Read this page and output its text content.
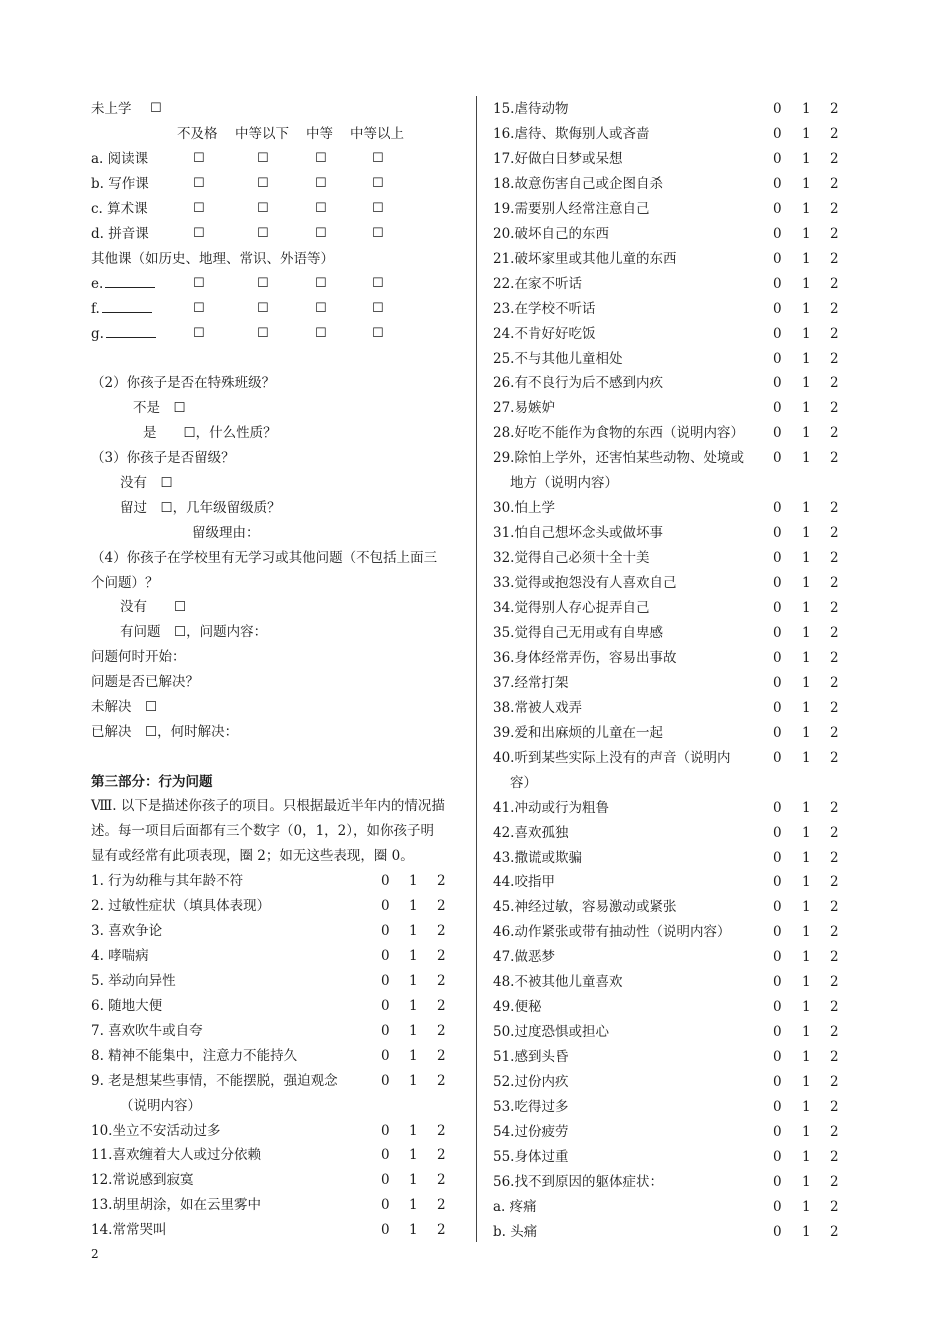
未上学 ☐
不及格 中等以下 中等 中等以上
a. 阅读课	☐	☐	☐	☐
b. 写作课	☐	☐	☐	☐
c. 算术课	☐	☐	☐	☐
d. 拼音课	☐	☐	☐	☐
其他课（如历史、地理、常识、外语等）
e.	☐	☐	☐	☐
f.	☐	☐	☐	☐
g.	☐	☐	☐	☐
（2）你孩子是否在特殊班级？
不是　☐
是　　☐，什么性质？
（3）你孩子是否留级？
没有　☐
留过　☐，几年级留级质？
留级理由：
（4）你孩子在学校里有无学习或其他问题（不包括上面三
个问题）？
没有　　☐
有问题　☐，问题内容：
问题何时开始：
问题是否已解决？
未解决　☐
已解决　☐，何时解决：
第三部分：行为问题
Ⅷ. 以下是描述你孩子的项目。只根据最近半年内的情况描
述。每一项目后面都有三个数字（0，1，2），如你孩子明
显有或经常有此项表现，圈 2；如无这些表现，圈 0。
1. 行为幼稚与其年龄不符	0 1 2
2. 过敏性症状（填具体表现）	0 1 2
3. 喜欢争论	0 1 2
4. 哮喘病	0 1 2
5. 举动向异性	0 1 2
6. 随地大便	0 1 2
7. 喜欢吹牛或自夸	0 1 2
8. 精神不能集中，注意力不能持久	0 1 2
9. 老是想某些事情，不能摆脱，强迫观念	0 1 2
（说明内容）
10.坐立不安活动过多	0 1 2
11.喜欢缠着大人或过分依赖	0 1 2
12.常说感到寂寞	0 1 2
13.胡里胡涂，如在云里雾中	0 1 2
14.常常哭叫	0 1 2
15.虐待动物	0 1 2
16.虐待、欺侮别人或吝啬	0 1 2
17.好做白日梦或呆想	0 1 2
18.故意伤害自己或企图自杀	0 1 2
19.需要别人经常注意自己	0 1 2
20.破坏自己的东西	0 1 2
21.破坏家里或其他儿童的东西	0 1 2
22.在家不听话	0 1 2
23.在学校不听话	0 1 2
24.不肯好好吃饭	0 1 2
25.不与其他儿童相处	0 1 2
26.有不良行为后不感到内疚	0 1 2
27.易嫉妒	0 1 2
28.好吃不能作为食物的东西（说明内容） 0 1 2
29.除怕上学外，还害怕某些动物、处境或 0 1 2
地方（说明内容）
30.怕上学	0 1 2
31.怕自己想坏念头或做坏事	0 1 2
32.觉得自己必须十全十美	0 1 2
33.觉得或抱怨没有人喜欢自己	0 1 2
34.觉得别人存心捉弄自己	0 1 2
35.觉得自己无用或有自卑感	0 1 2
36.身体经常弄伤，容易出事故	0 1 2
37.经常打架	0 1 2
38.常被人戏弄	0 1 2
39.爱和出麻烦的儿童在一起	0 1 2
40.听到某些实际上没有的声音（说明内	0 1 2
容）
41.冲动或行为粗鲁	0 1 2
42.喜欢孤独	0 1 2
43.撒谎或欺骗	0 1 2
44.咬指甲	0 1 2
45.神经过敏，容易激动或紧张	0 1 2
46.动作紧张或带有抽动性（说明内容）	0 1 2
47.做恶梦	0 1 2
48.不被其他儿童喜欢	0 1 2
49.便秘	0 1 2
50.过度恐惧或担心	0 1 2
51.感到头昏	0 1 2
52.过份内疚	0 1 2
53.吃得过多	0 1 2
54.过份疲劳	0 1 2
55.身体过重	0 1 2
56.找不到原因的躯体症状：	0 1 2
a. 疼痛	0 1 2
b. 头痛	0 1 2
2
